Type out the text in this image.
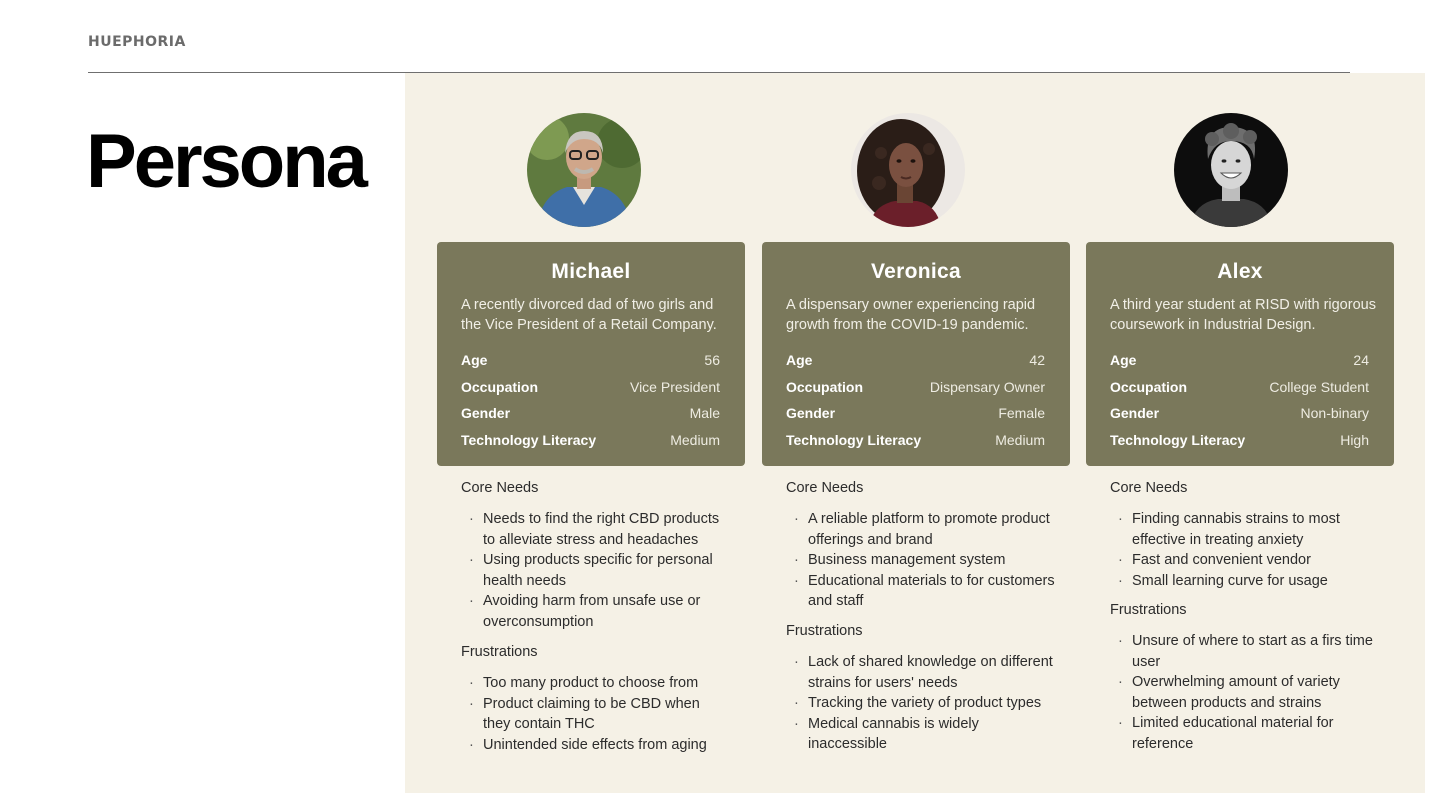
HUEPHORIA
Persona
Michael
A recently divorced dad of two girls and the Vice President of a Retail Company.
Age	56
Occupation	Vice President
Gender	Male
Technology Literacy	Medium
Core Needs
· Needs to find the right CBD products to alleviate stress and headaches
· Using products specific for personal health needs
· Avoiding harm from unsafe use or overconsumption
Frustrations
· Too many product to choose from
· Product claiming to be CBD when they contain THC
· Unintended side effects from aging
Veronica
A dispensary owner experiencing rapid growth from the COVID-19 pandemic.
Age	42
Occupation	Dispensary Owner
Gender	Female
Technology Literacy	Medium
Core Needs
· A reliable platform to promote product offerings and brand
· Business management system
· Educational materials to for customers and staff
Frustrations
· Lack of shared knowledge on different strains for users' needs
· Tracking the variety of product types
· Medical cannabis is widely inaccessible
Alex
A third year student at RISD with rigorous coursework in Industrial Design.
Age	24
Occupation	College Student
Gender	Non-binary
Technology Literacy	High
Core Needs
· Finding cannabis strains to most effective in treating anxiety
· Fast and convenient vendor
· Small learning curve for usage
Frustrations
· Unsure of where to start as a firs time user
· Overwhelming amount of variety between products and strains
· Limited educational material for reference
